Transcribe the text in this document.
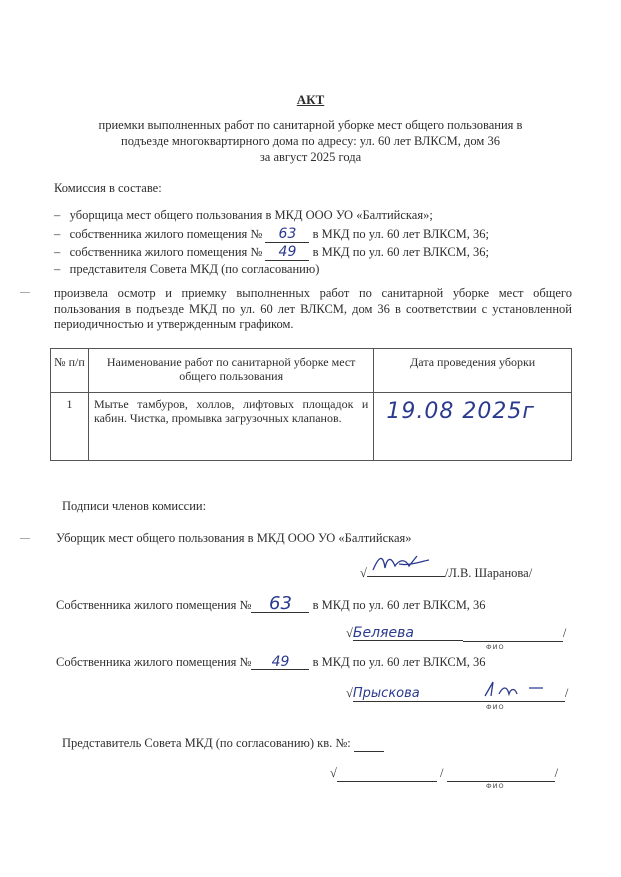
АКТ
приемки выполненных работ по санитарной уборке мест общего пользования в
подъезде многоквартирного дома по адресу: ул. 60 лет ВЛКСМ, дом 36
за август 2025 года
Комиссия в составе:
– уборщица мест общего пользования в МКД ООО УО «Балтийская»;
– собственника жилого помещения № 63 в МКД по ул. 60 лет ВЛКСМ, 36;
– собственника жилого помещения № 49 в МКД по ул. 60 лет ВЛКСМ, 36;
– представителя Совета МКД (по согласованию)
произвела осмотр и приемку выполненных работ по санитарной уборке мест общего пользования в подъезде МКД по ул. 60 лет ВЛКСМ, дом 36 в соответствии с установленной периодичностью и утвержденным графиком.
№ п/п	Наименование работ по санитарной уборке мест общего пользования	Дата проведения уборки
1	Мытье тамбуров, холлов, лифтовых площадок и кабин. Чистка, промывка загрузочных клапанов.	19.08 2025г
Подписи членов комиссии:
Уборщик мест общего пользования в МКД ООО УО «Балтийская»
√	/Л.В. Шаранова/
Собственника жилого помещения № 63 в МКД по ул. 60 лет ВЛКСМ, 36
√Беляева	/
ФИО
Собственника жилого помещения № 49 в МКД по ул. 60 лет ВЛКСМ, 36
√Прыскова	/
ФИО
Представитель Совета МКД (по согласованию) кв. №:
√	/	/
ФИО
